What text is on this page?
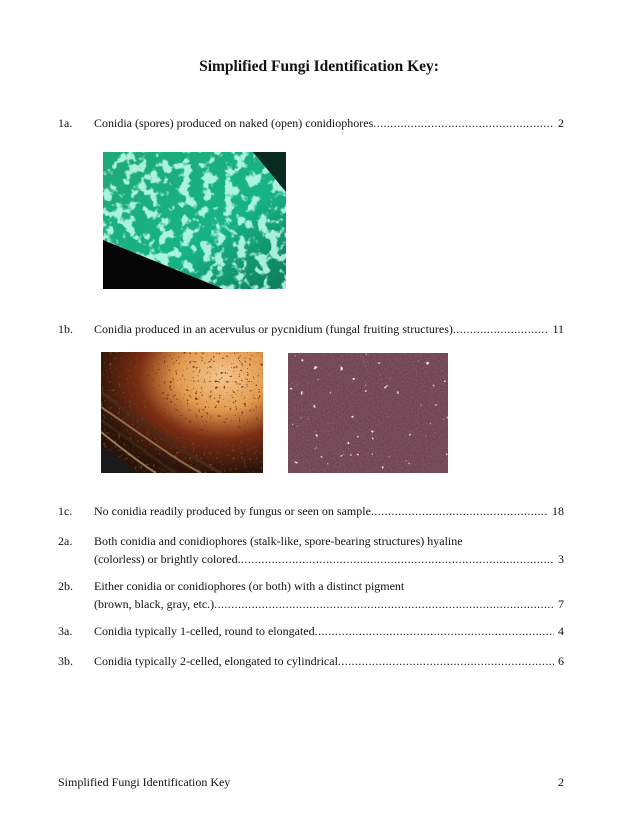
Simplified Fungi Identification Key:
1a.	Conidia (spores) produced on naked (open) conidiophores .....	2
1b.	Conidia produced in an acervulus or pycnidium (fungal fruiting structures) .....	11
1c.	No conidia readily produced by fungus or seen on sample .....	18
2a.	Both conidia and conidiophores (stalk-like, spore-bearing structures) hyaline
(colorless) or brightly colored .....	3
2b.	Either conidia or conidiophores (or both) with a distinct pigment
(brown, black, gray, etc.) .....	7
3a.	Conidia typically 1-celled, round to elongated .....	4
3b.	Conidia typically 2-celled, elongated to cylindrical .....	6
Simplified Fungi Identification Key	2
